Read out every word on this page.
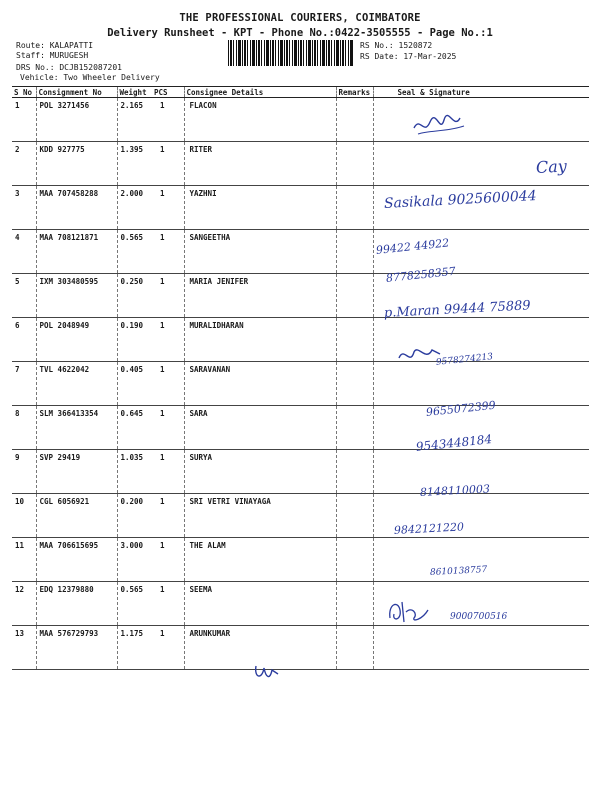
THE PROFESSIONAL COURIERS, COIMBATORE
Delivery Runsheet - KPT - Phone No.:0422-3505555 - Page No.:1
Route: KALAPATTI
Staff: MURUGESH
DRS No.: DCJB152087201
Vehicle: Two Wheeler Delivery
RS No.: 1520872
RS Date: 17-Mar-2025
S No	Consignment No	Weight	PCS	Consignee Details	Remarks	Seal & Signature
1	POL 3271456	2.165	1	FLACON		
2	KDD 927775	1.395	1	RITER		
3	MAA 707458288	2.000	1	YAZHNI		
4	MAA 708121871	0.565	1	SANGEETHA		
5	IXM 303480595	0.250	1	MARIA JENIFER		
6	POL 2048949	0.190	1	MURALIDHARAN		
7	TVL 4622042	0.405	1	SARAVANAN		
8	SLM 366413354	0.645	1	SARA		
9	SVP 29419	1.035	1	SURYA		
10	CGL 6056921	0.200	1	SRI VETRI VINAYAGA		
11	MAA 706615695	3.000	1	THE ALAM		
12	EDQ 12379880	0.565	1	SEEMA		
13	MAA 576729793	1.175	1	ARUNKUMAR		
Cay
Sasikala 9025600044
99422 44922
8778258357
p.Maran 99444 75889
9578274213
9655072399
9543448184
8148110003
9842121220
8610138757
9000700516
